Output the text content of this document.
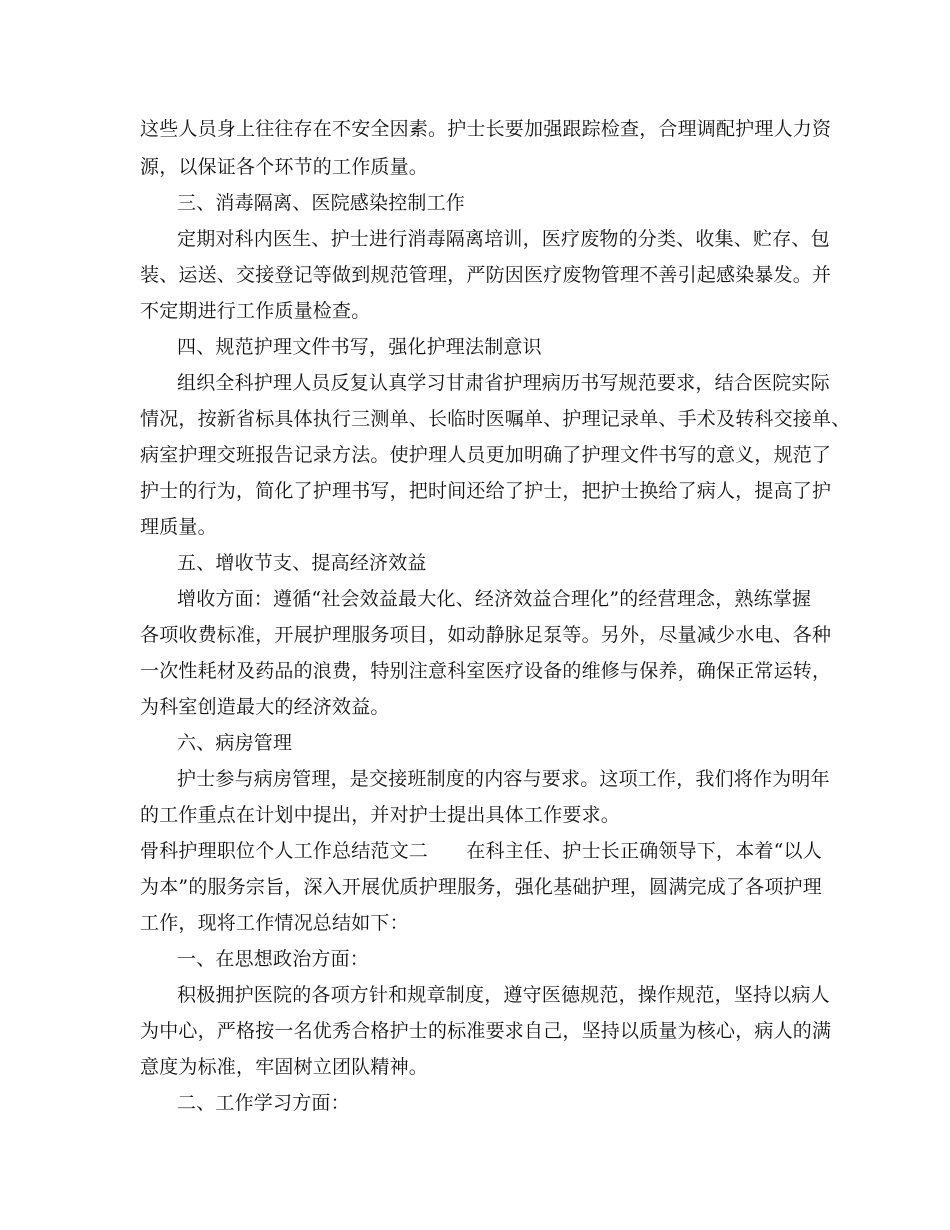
这些人员身上往往存在不安全因素。护士长要加强跟踪检查，合理调配护理人力资
源，以保证各个环节的工作质量。
三、消毒隔离、医院感染控制工作
定期对科内医生、护士进行消毒隔离培训，医疗废物的分类、收集、贮存、包
装、运送、交接登记等做到规范管理，严防因医疗废物管理不善引起感染暴发。并
不定期进行工作质量检查。
四、规范护理文件书写，强化护理法制意识
组织全科护理人员反复认真学习甘肃省护理病历书写规范要求，结合医院实际
情况，按新省标具体执行三测单、长临时医嘱单、护理记录单、手术及转科交接单、
病室护理交班报告记录方法。使护理人员更加明确了护理文件书写的意义，规范了
护士的行为，简化了护理书写，把时间还给了护士，把护士换给了病人，提高了护
理质量。
五、增收节支、提高经济效益
增收方面：遵循“社会效益最大化、经济效益合理化”的经营理念，熟练掌握
各项收费标准，开展护理服务项目，如动静脉足泵等。另外，尽量减少水电、各种
一次性耗材及药品的浪费，特别注意科室医疗设备的维修与保养，确保正常运转，
为科室创造最大的经济效益。
六、病房管理
护士参与病房管理，是交接班制度的内容与要求。这项工作，我们将作为明年
的工作重点在计划中提出，并对护士提出具体工作要求。
骨科护理职位个人工作总结范文二　　在科主任、护士长正确领导下，本着“以人
为本”的服务宗旨，深入开展优质护理服务，强化基础护理，圆满完成了各项护理
工作，现将工作情况总结如下：
一、在思想政治方面：
积极拥护医院的各项方针和规章制度，遵守医德规范，操作规范，坚持以病人
为中心，严格按一名优秀合格护士的标准要求自己，坚持以质量为核心，病人的满
意度为标准，牢固树立团队精神。
二、工作学习方面：
